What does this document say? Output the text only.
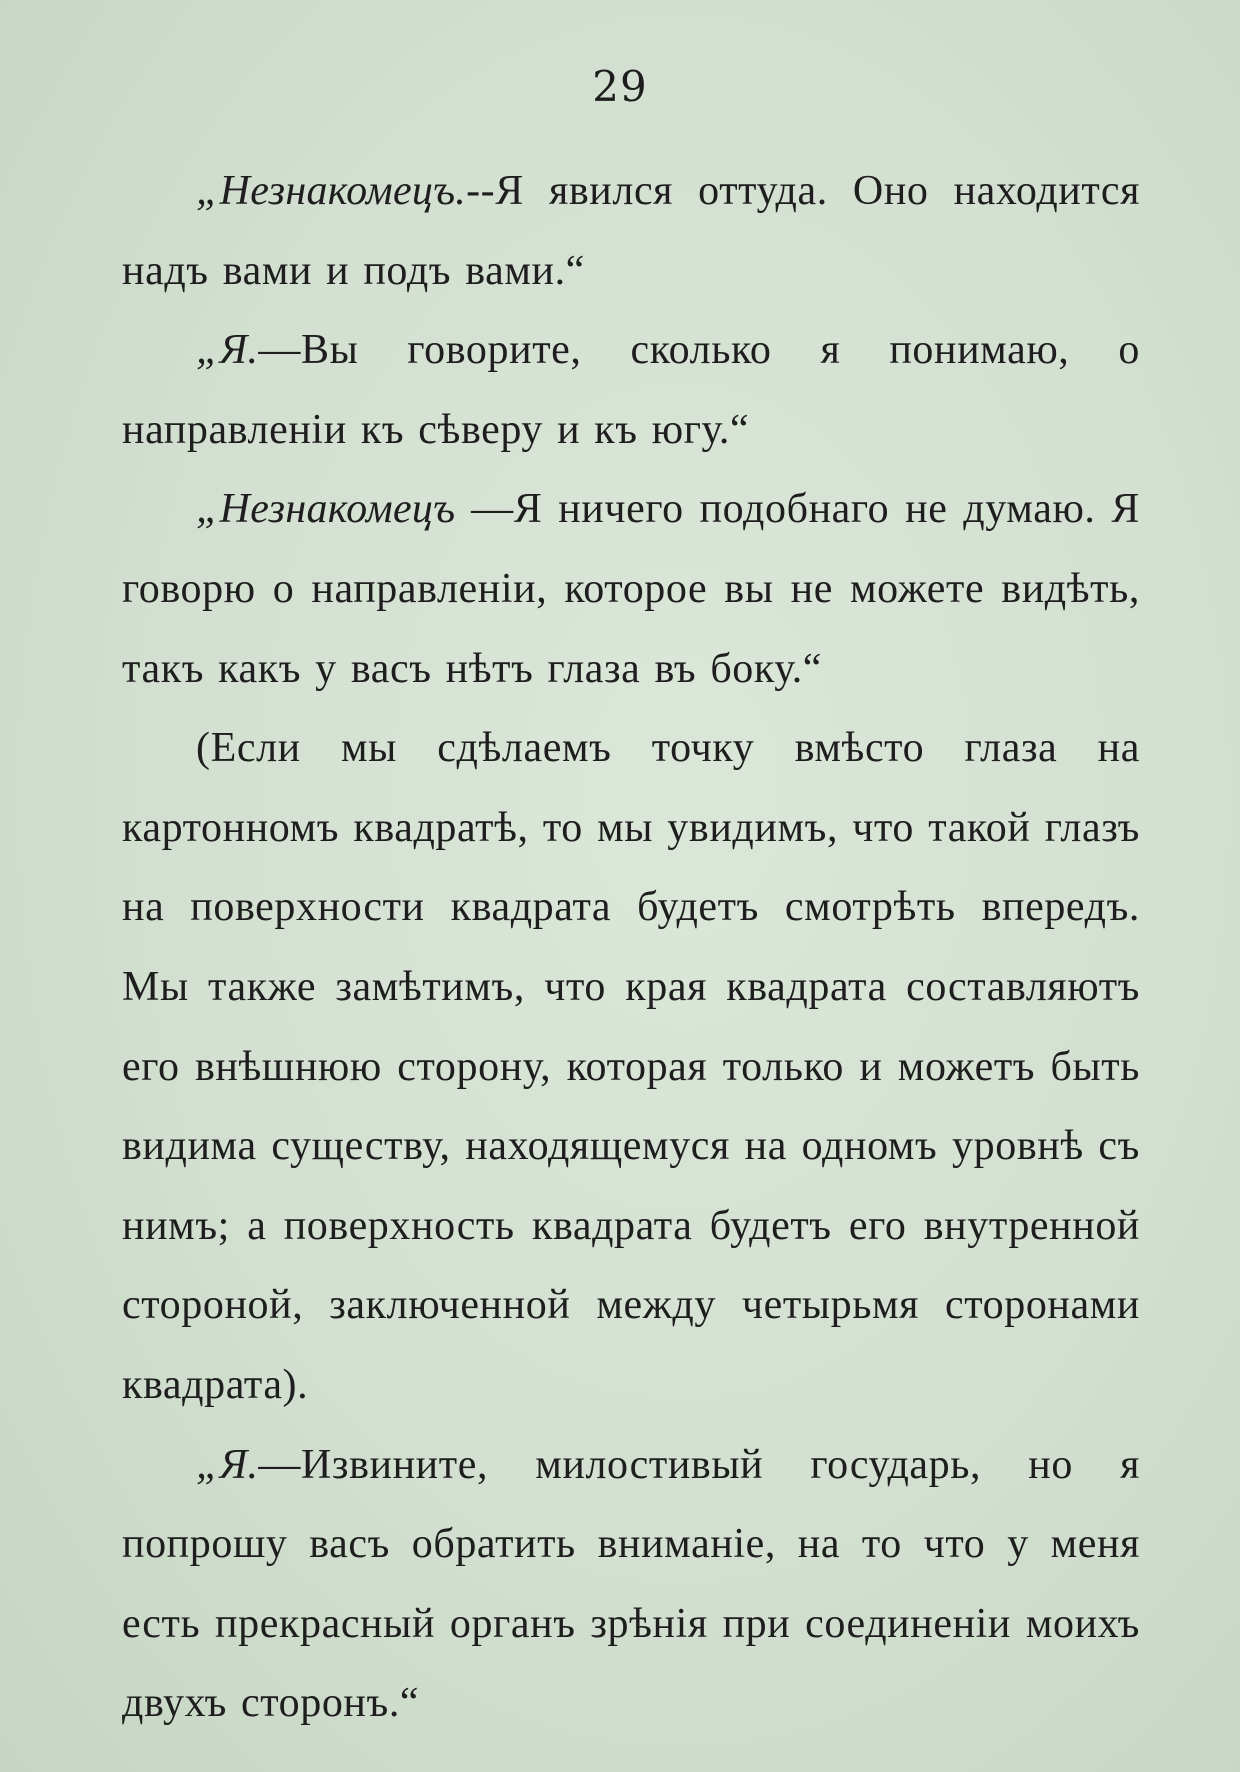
29

„Незнакомецъ.--Я явился оттуда. Оно находится надъ вами и подъ вами.“

„Я.—Вы говорите, сколько я понимаю, о направленіи къ сѣверу и къ югу.“

„Незнакомецъ —Я ничего подобнаго не думаю. Я говорю о направленіи, которое вы не можете видѣть, такъ какъ у васъ нѣтъ глаза въ боку.“

(Если мы сдѣлаемъ точку вмѣсто глаза на картонномъ квадратѣ, то мы увидимъ, что такой глазъ на поверхности квадрата будетъ смотрѣть впередъ. Мы также замѣтимъ, что края квадрата составляютъ его внѣшнюю сторону, которая только и можетъ быть видима существу, находящемуся на одномъ уровнѣ съ нимъ; а поверхность квадрата будетъ его внутренной стороной, заключенной между четырьмя сторонами квадрата).

„Я.—Извините, милостивый государь, но я попрошу васъ обратить вниманіе, на то что у меня есть прекрасный органъ зрѣнія при соединеніи моихъ двухъ сторонъ.“
